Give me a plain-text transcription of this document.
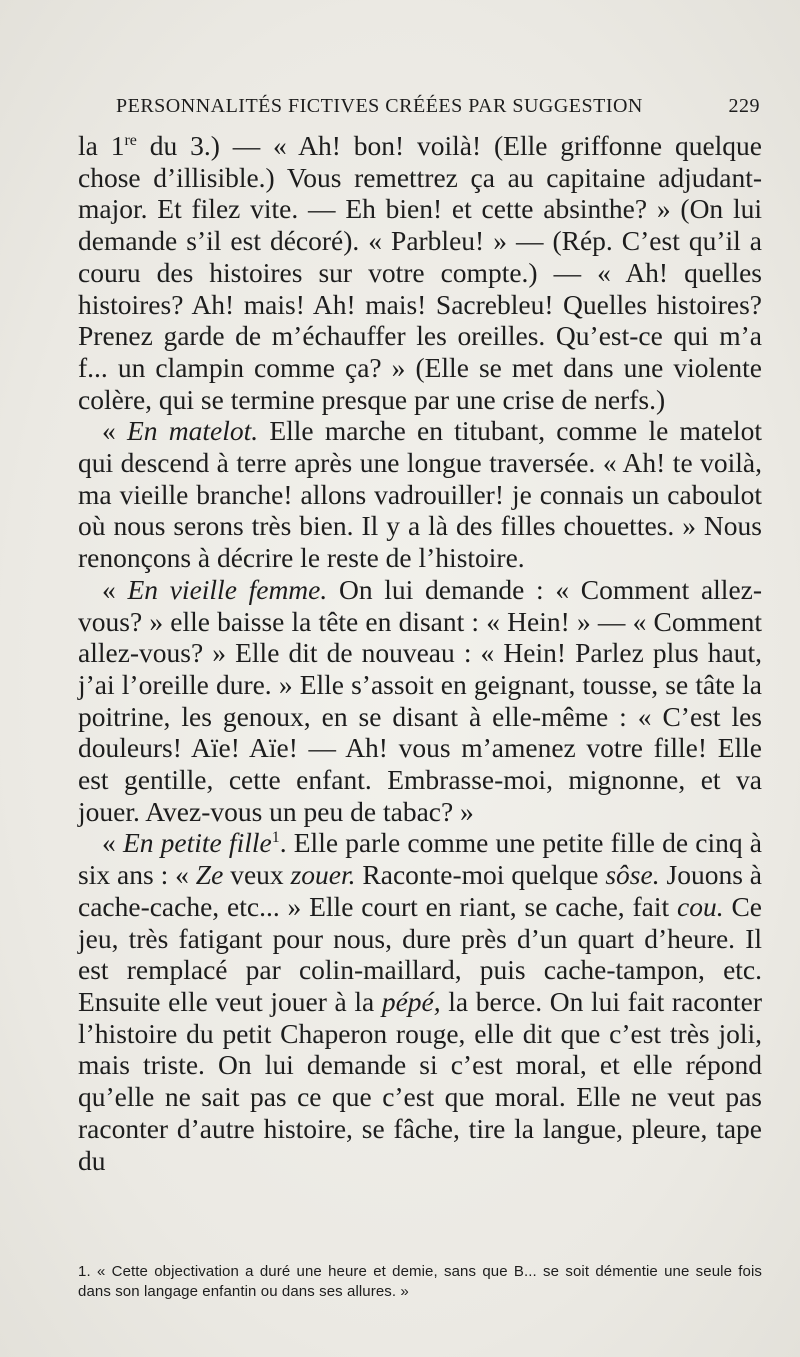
PERSONNALITÉS FICTIVES CRÉÉES PAR SUGGESTION	229

la 1re du 3.) — « Ah! bon! voilà! (Elle griffonne quelque chose d’illisible.) Vous remettrez ça au capitaine adjudant-major. Et filez vite. — Eh bien! et cette absinthe? » (On lui demande s’il est décoré). « Parbleu! » — (Rép. C’est qu’il a couru des histoires sur votre compte.) — « Ah! quelles histoires? Ah! mais! Ah! mais! Sacrebleu! Quelles histoires? Prenez garde de m’échauffer les oreilles. Qu’est-ce qui m’a f... un clampin comme ça? » (Elle se met dans une violente colère, qui se termine presque par une crise de nerfs.)

« En matelot. Elle marche en titubant, comme le matelot qui descend à terre après une longue traversée. « Ah! te voilà, ma vieille branche! allons vadrouiller! je connais un caboulot où nous serons très bien. Il y a là des filles chouettes. » Nous renonçons à décrire le reste de l’histoire.

« En vieille femme. On lui demande : « Comment allez-vous? » elle baisse la tête en disant : « Hein! » — « Comment allez-vous? » Elle dit de nouveau : « Hein! Parlez plus haut, j’ai l’oreille dure. » Elle s’assoit en geignant, tousse, se tâte la poitrine, les genoux, en se disant à elle-même : « C’est les douleurs! Aïe! Aïe! — Ah! vous m’amenez votre fille! Elle est gentille, cette enfant. Embrasse-moi, mignonne, et va jouer. Avez-vous un peu de tabac? »

« En petite fille$^1$. Elle parle comme une petite fille de cinq à six ans : « Ze veux zouer. Raconte-moi quelque sôse. Jouons à cache-cache, etc... » Elle court en riant, se cache, fait cou. Ce jeu, très fatigant pour nous, dure près d’un quart d’heure. Il est remplacé par colin-maillard, puis cache-tampon, etc. Ensuite elle veut jouer à la pépé, la berce. On lui fait raconter l’histoire du petit Chaperon rouge, elle dit que c’est très joli, mais triste. On lui demande si c’est moral, et elle répond qu’elle ne sait pas ce que c’est que moral. Elle ne veut pas raconter d’autre histoire, se fâche, tire la langue, pleure, tape du

1. « Cette objectivation a duré une heure et demie, sans que B... se soit démentie une seule fois dans son langage enfantin ou dans ses allures. »
